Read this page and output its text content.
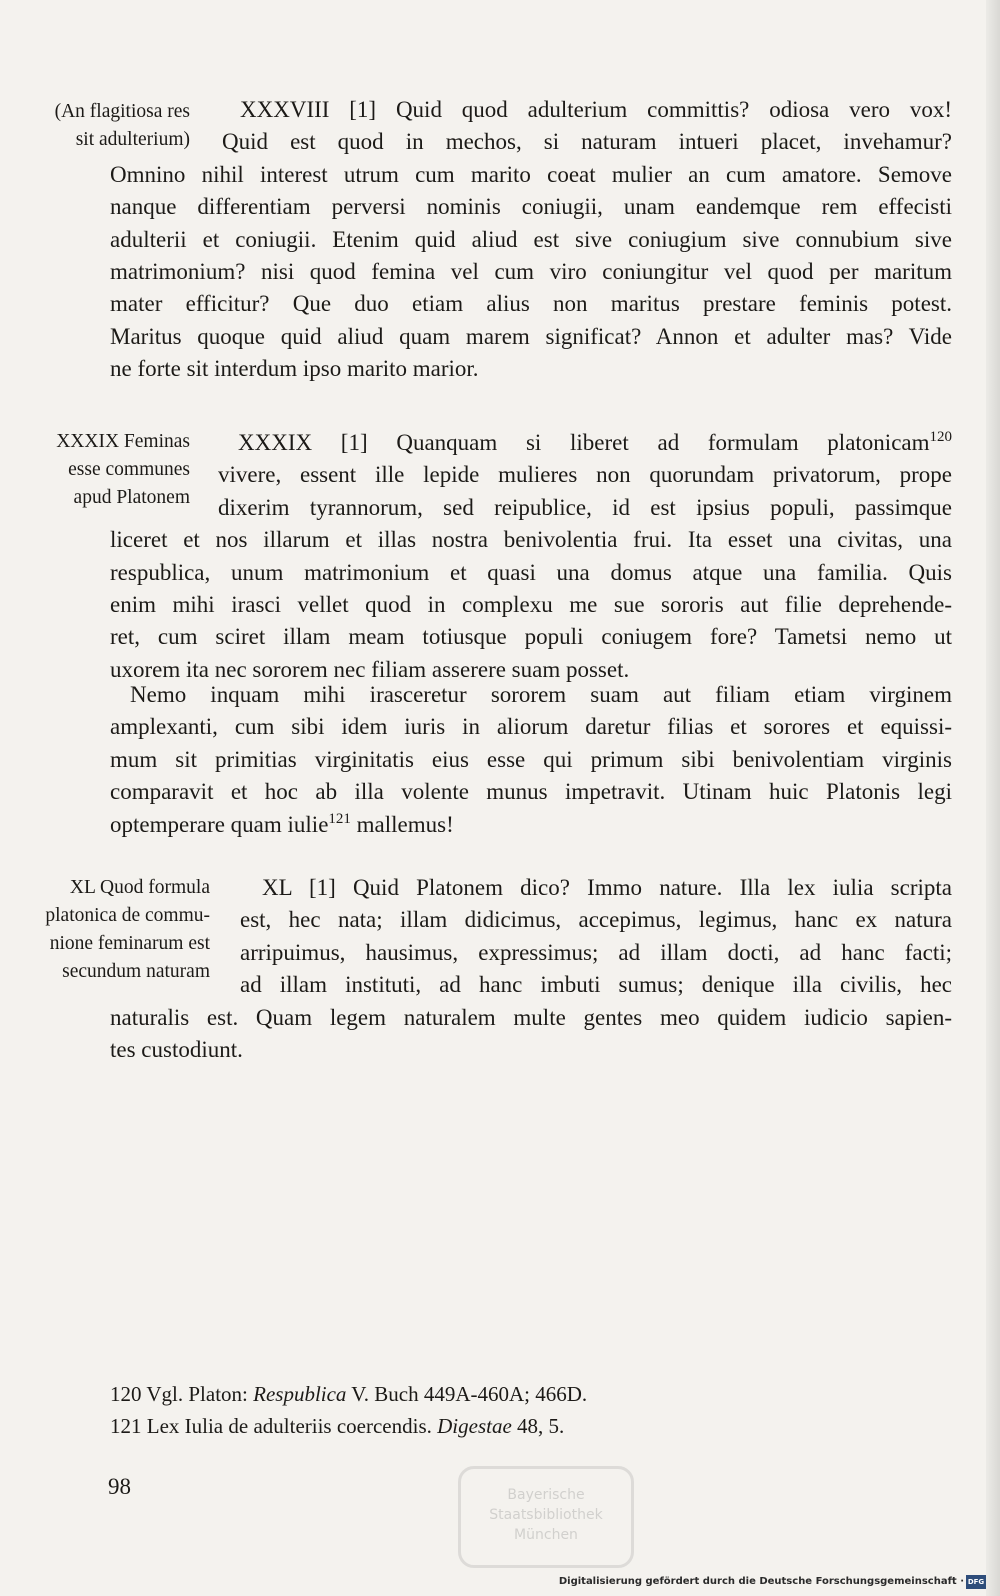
(An flagitiosa res
sit adulterium)
XXXVIII [1] Quid quod adulterium committis? odiosa vero vox!
Quid est quod in mechos, si naturam intueri placet, invehamur?
Omnino nihil interest utrum cum marito coeat mulier an cum amatore. Semove
nanque differentiam perversi nominis coniugii, unam eandemque rem effecisti
adulterii et coniugii. Etenim quid aliud est sive coniugium sive connubium sive
matrimonium? nisi quod femina vel cum viro coniungitur vel quod per maritum
mater efficitur? Que duo etiam alius non maritus prestare feminis potest.
Maritus quoque quid aliud quam marem significat? Annon et adulter mas? Vide
ne forte sit interdum ipso marito marior.
XXXIX Feminas
esse communes
apud Platonem
XXXIX [1] Quanquam si liberet ad formulam platonicam$^{120}$
vivere, essent ille lepide mulieres non quorundam privatorum, prope
dixerim tyrannorum, sed reipublice, id est ipsius populi, passimque
liceret et nos illarum et illas nostra benivolentia frui. Ita esset una civitas, una
respublica, unum matrimonium et quasi una domus atque una familia. Quis
enim mihi irasci vellet quod in complexu me sue sororis aut filie deprehende-
ret, cum sciret illam meam totiusque populi coniugem fore? Tametsi nemo ut
uxorem ita nec sororem nec filiam asserere suam posset.
Nemo inquam mihi irasceretur sororem suam aut filiam etiam virginem
amplexanti, cum sibi idem iuris in aliorum daretur filias et sorores et equissi-
mum sit primitias virginitatis eius esse qui primum sibi benivolentiam virginis
comparavit et hoc ab illa volente munus impetravit. Utinam huic Platonis legi
optemperare quam iulie$^{121}$ mallemus!
XL Quod formula
platonica de commu-
nione feminarum est
secundum naturam
XL [1] Quid Platonem dico? Immo nature. Illa lex iulia scripta
est, hec nata; illam didicimus, accepimus, legimus, hanc ex natura
arripuimus, hausimus, expressimus; ad illam docti, ad hanc facti;
ad illam instituti, ad hanc imbuti sumus; denique illa civilis, hec
naturalis est. Quam legem naturalem multe gentes meo quidem iudicio sapien-
tes custodiunt.
120 Vgl. Platon: Respublica V. Buch 449A-460A; 466D.
121 Lex Iulia de adulteriis coercendis. Digestae 48, 5.
98	Bayerische
Staatsbibliothek
München
Digitalisierung gefördert durch die Deutsche Forschungsgemeinschaft · DFG
